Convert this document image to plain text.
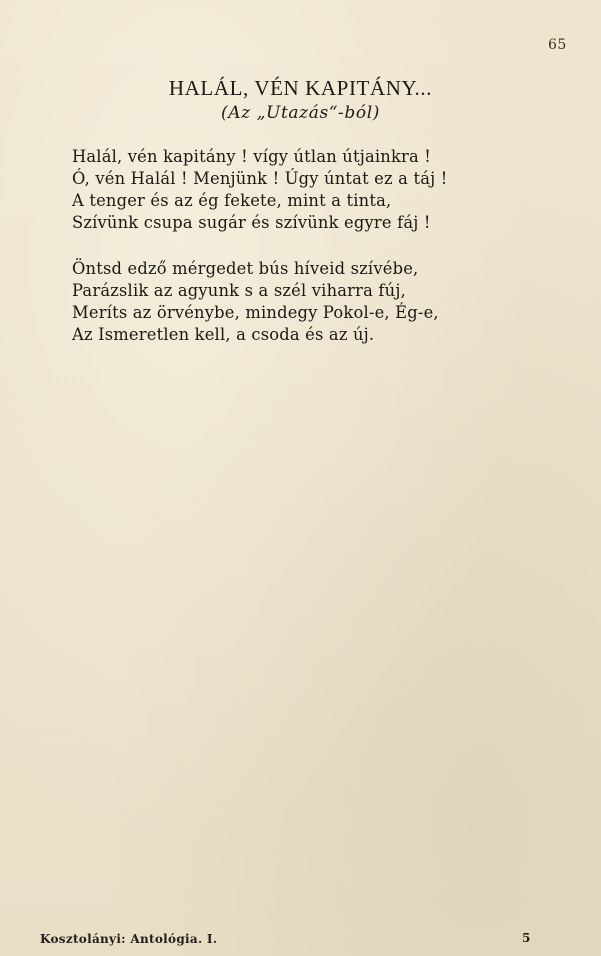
65
HALÁL, VÉN KAPITÁNY...
(Az „Utazás“-ból)
Halál, vén kapitány ! vígy útlan útjainkra !
Ó, vén Halál ! Menjünk ! Úgy úntat ez a táj !
A tenger és az ég fekete, mint a tinta,
Szívünk csupa sugár és szívünk egyre fáj !
Öntsd edző mérgedet bús híveid szívébe,
Parázslik az agyunk s a szél viharra fúj,
Meríts az örvénybe, mindegy Pokol-e, Ég-e,
Az Ismeretlen kell, a csoda és az új.
Kosztolányi: Antológia. I.	5
